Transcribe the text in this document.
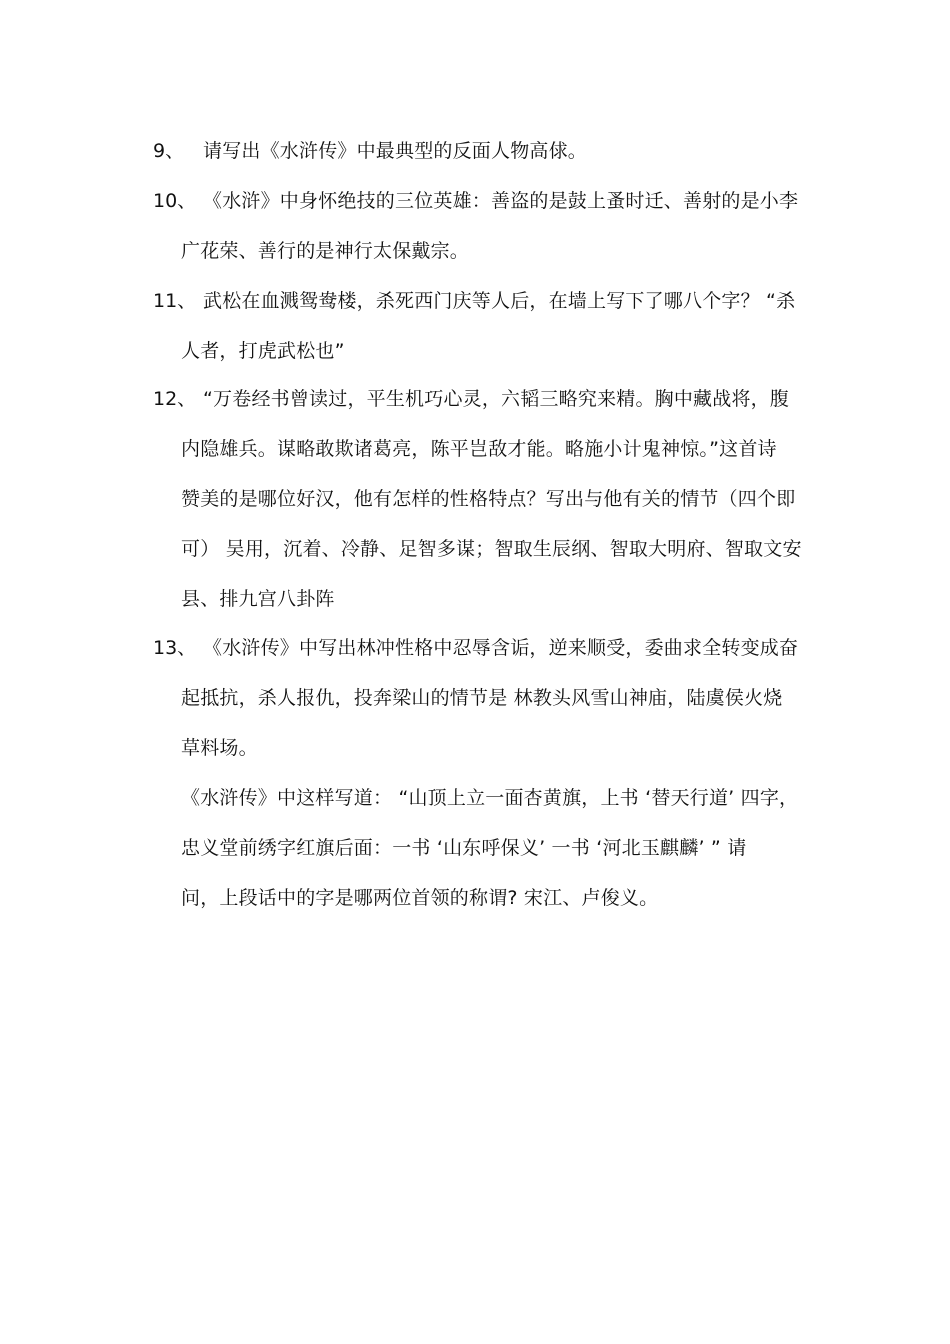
9、 请写出《水浒传》中最典型的反面人物高俅。
10、 《水浒》中身怀绝技的三位英雄：善盗的是鼓上蚤时迁、善射的是小李
广花荣、善行的是神行太保戴宗。
11、 武松在血溅鸳鸯楼，杀死西门庆等人后，在墙上写下了哪八个字？ “杀
人者，打虎武松也”
12、 “万卷经书曾读过，平生机巧心灵，六韬三略究来精。胸中藏战将，腹
内隐雄兵。谋略敢欺诸葛亮，陈平岂敌才能。略施小计鬼神惊。”这首诗
赞美的是哪位好汉，他有怎样的性格特点？写出与他有关的情节（四个即
可） 吴用，沉着、冷静、足智多谋；智取生辰纲、智取大明府、智取文安
县、排九宫八卦阵
13、 《水浒传》中写出林冲性格中忍辱含诟，逆来顺受，委曲求全转变成奋
起抵抗，杀人报仇，投奔梁山的情节是 林教头风雪山神庙，陆虞侯火烧
草料场。
《水浒传》中这样写道： “山顶上立一面杏黄旗，上书 ‘替天行道’ 四字，
忠义堂前绣字红旗后面：一书 ‘山东呼保义’ 一书 ‘河北玉麒麟’ ” 请
问，上段话中的字是哪两位首领的称谓? 宋江、卢俊义。
